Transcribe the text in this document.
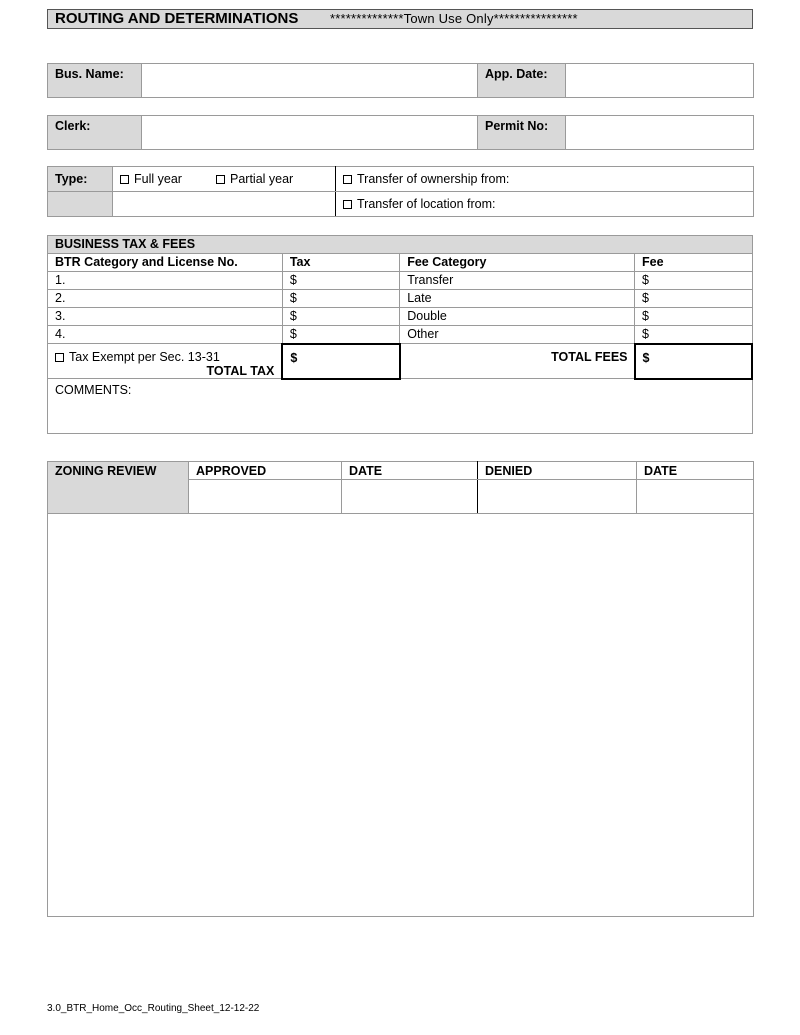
ROUTING AND DETERMINATIONS **************Town Use Only****************
Bus. Name:		App. Date:	
Clerk:		Permit No:	
Type:	Full year Partial year	Transfer of ownership from:
		Transfer of location from:
BUSINESS TAX & FEES			
BTR Category and License No.	Tax	Fee Category	Fee
1.	$	Transfer	$
2.	$	Late	$
3.	$	Double	$
4.	$	Other	$
Tax Exempt per Sec. 13-31
TOTAL TAX	$	TOTAL FEES	$
COMMENTS:			
ZONING REVIEW	APPROVED	DATE	DENIED	DATE

3.0_BTR_Home_Occ_Routing_Sheet_12-12-22
